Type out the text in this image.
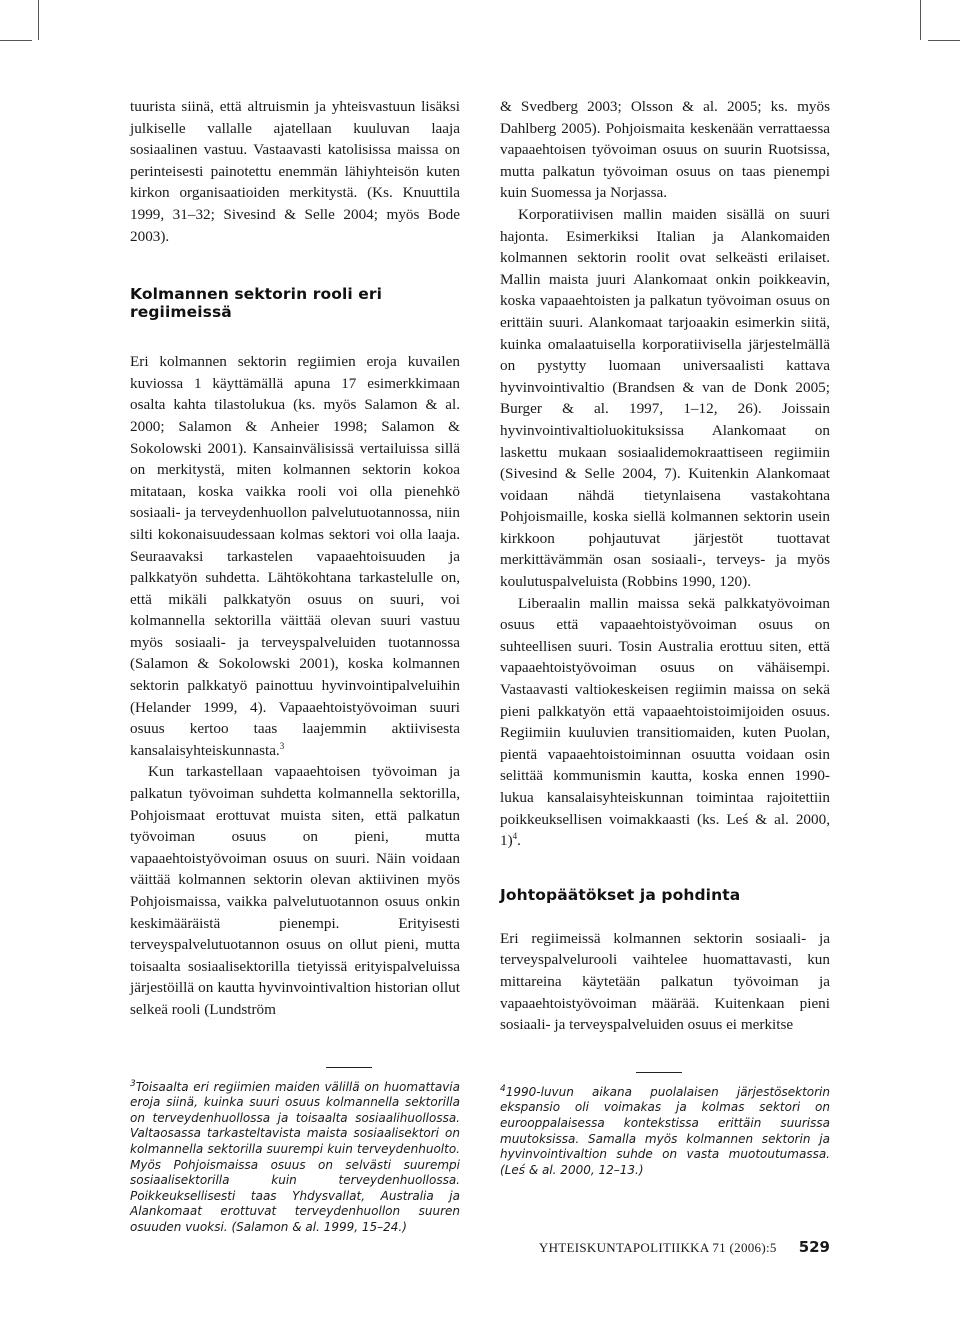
tuurista siinä, että altruismin ja yhteisvastuun lisäksi julkiselle vallalle ajatellaan kuuluvan laaja sosiaalinen vastuu. Vastaavasti katolisissa maissa on perinteisesti painotettu enemmän lähiyhteisön kuten kirkon organisaatioiden merkitystä. (Ks. Knuuttila 1999, 31–32; Sivesind & Selle 2004; myös Bode 2003).

Kolmannen sektorin rooli eri regiimeissä

Eri kolmannen sektorin regiimien eroja kuvailen kuviossa 1 käyttämällä apuna 17 esimerkkimaan osalta kahta tilastolukua (ks. myös Salamon & al. 2000; Salamon & Anheier 1998; Salamon & Sokolowski 2001). Kansainvälisissä vertailuissa sillä on merkitystä, miten kolmannen sektorin kokoa mitataan, koska vaikka rooli voi olla pienehkö sosiaali- ja terveydenhuollon palvelutuotannossa, niin silti kokonaisuudessaan kolmas sektori voi olla laaja. Seuraavaksi tarkastelen vapaaehtoisuuden ja palkkatyön suhdetta. Lähtökohtana tarkastelulle on, että mikäli palkkatyön osuus on suuri, voi kolmannella sektorilla väittää olevan suuri vastuu myös sosiaali- ja terveyspalveluiden tuotannossa (Salamon & Sokolowski 2001), koska kolmannen sektorin palkkatyö painottuu hyvinvointipalveluihin (Helander 1999, 4). Vapaaehtoistyövoiman suuri osuus kertoo taas laajemmin aktiivisesta kansalaisyhteiskunnasta.$^3$

Kun tarkastellaan vapaaehtoisen työvoiman ja palkatun työvoiman suhdetta kolmannella sektorilla, Pohjoismaat erottuvat muista siten, että palkatun työvoiman osuus on pieni, mutta vapaaehtoistyövoiman osuus on suuri. Näin voidaan väittää kolmannen sektorin olevan aktiivinen myös Pohjoismaissa, vaikka palvelutuotannon osuus onkin keskimääräistä pienempi. Erityisesti terveyspalvelutuotannon osuus on ollut pieni, mutta toisaalta sosiaalisektorilla tietyissä erityispalveluissa järjestöillä on kautta hyvinvointivaltion historian ollut selkeä rooli (Lundström

$^3$Toisaalta eri regiimien maiden välillä on huomattavia eroja siinä, kuinka suuri osuus kolmannella sektorilla on terveydenhuollossa ja toisaalta sosiaalihuollossa. Valtaosassa tarkasteltavista maista sosiaalisektori on kolmannella sektorilla suurempi kuin terveydenhuolto. Myös Pohjoismaissa osuus on selvästi suurempi sosiaalisektorilla kuin terveydenhuollossa. Poikkeuksellisesti taas Yhdysvallat, Australia ja Alankomaat erottuvat terveydenhuollon suuren osuuden vuoksi. (Salamon & al. 1999, 15–24.)

& Svedberg 2003; Olsson & al. 2005; ks. myös Dahlberg 2005). Pohjoismaita keskenään verrattaessa vapaaehtoisen työvoiman osuus on suurin Ruotsissa, mutta palkatun työvoiman osuus on taas pienempi kuin Suomessa ja Norjassa.

Korporatiivisen mallin maiden sisällä on suuri hajonta. Esimerkiksi Italian ja Alankomaiden kolmannen sektorin roolit ovat selkeästi erilaiset. Mallin maista juuri Alankomaat onkin poikkeavin, koska vapaaehtoisten ja palkatun työvoiman osuus on erittäin suuri. Alankomaat tarjoaakin esimerkin siitä, kuinka omalaatuisella korporatiivisella järjestelmällä on pystytty luomaan universaalisti kattava hyvinvointivaltio (Brandsen & van de Donk 2005; Burger & al. 1997, 1–12, 26). Joissain hyvinvointivaltioluokituksissa Alankomaat on laskettu mukaan sosiaalidemokraattiseen regiimiin (Sivesind & Selle 2004, 7). Kuitenkin Alankomaat voidaan nähdä tietynlaisena vastakohtana Pohjoismaille, koska siellä kolmannen sektorin usein kirkkoon pohjautuvat järjestöt tuottavat merkittävämmän osan sosiaali-, terveys- ja myös koulutuspalveluista (Robbins 1990, 120).

Liberaalin mallin maissa sekä palkkatyövoiman osuus että vapaaehtoistyövoiman osuus on suhteellisen suuri. Tosin Australia erottuu siten, että vapaaehtoistyövoiman osuus on vähäisempi. Vastaavasti valtiokeskeisen regiimin maissa on sekä pieni palkkatyön että vapaaehtoistoimijoiden osuus. Regiimiin kuuluvien transitiomaiden, kuten Puolan, pientä vapaaehtoistoiminnan osuutta voidaan osin selittää kommunismin kautta, koska ennen 1990-lukua kansalaisyhteiskunnan toimintaa rajoitettiin poikkeuksellisen voimakkaasti (ks. Leś & al. 2000, 1)$^4$.

Johtopäätökset ja pohdinta

Eri regiimeissä kolmannen sektorin sosiaali- ja terveyspalvelurooli vaihtelee huomattavasti, kun mittareina käytetään palkatun työvoiman ja vapaaehtoistyövoiman määrää. Kuitenkaan pieni sosiaali- ja terveyspalveluiden osuus ei merkitse

$^4$1990-luvun aikana puolalaisen järjestösektorin ekspansio oli voimakas ja kolmas sektori on eurooppalaisessa kontekstissa erittäin suurissa muutoksissa. Samalla myös kolmannen sektorin ja hyvinvointivaltion suhde on vasta muotoutumassa. (Leś & al. 2000, 12–13.)

YHTEISKUNTAPOLITIIKKA 71 (2006):5 529
